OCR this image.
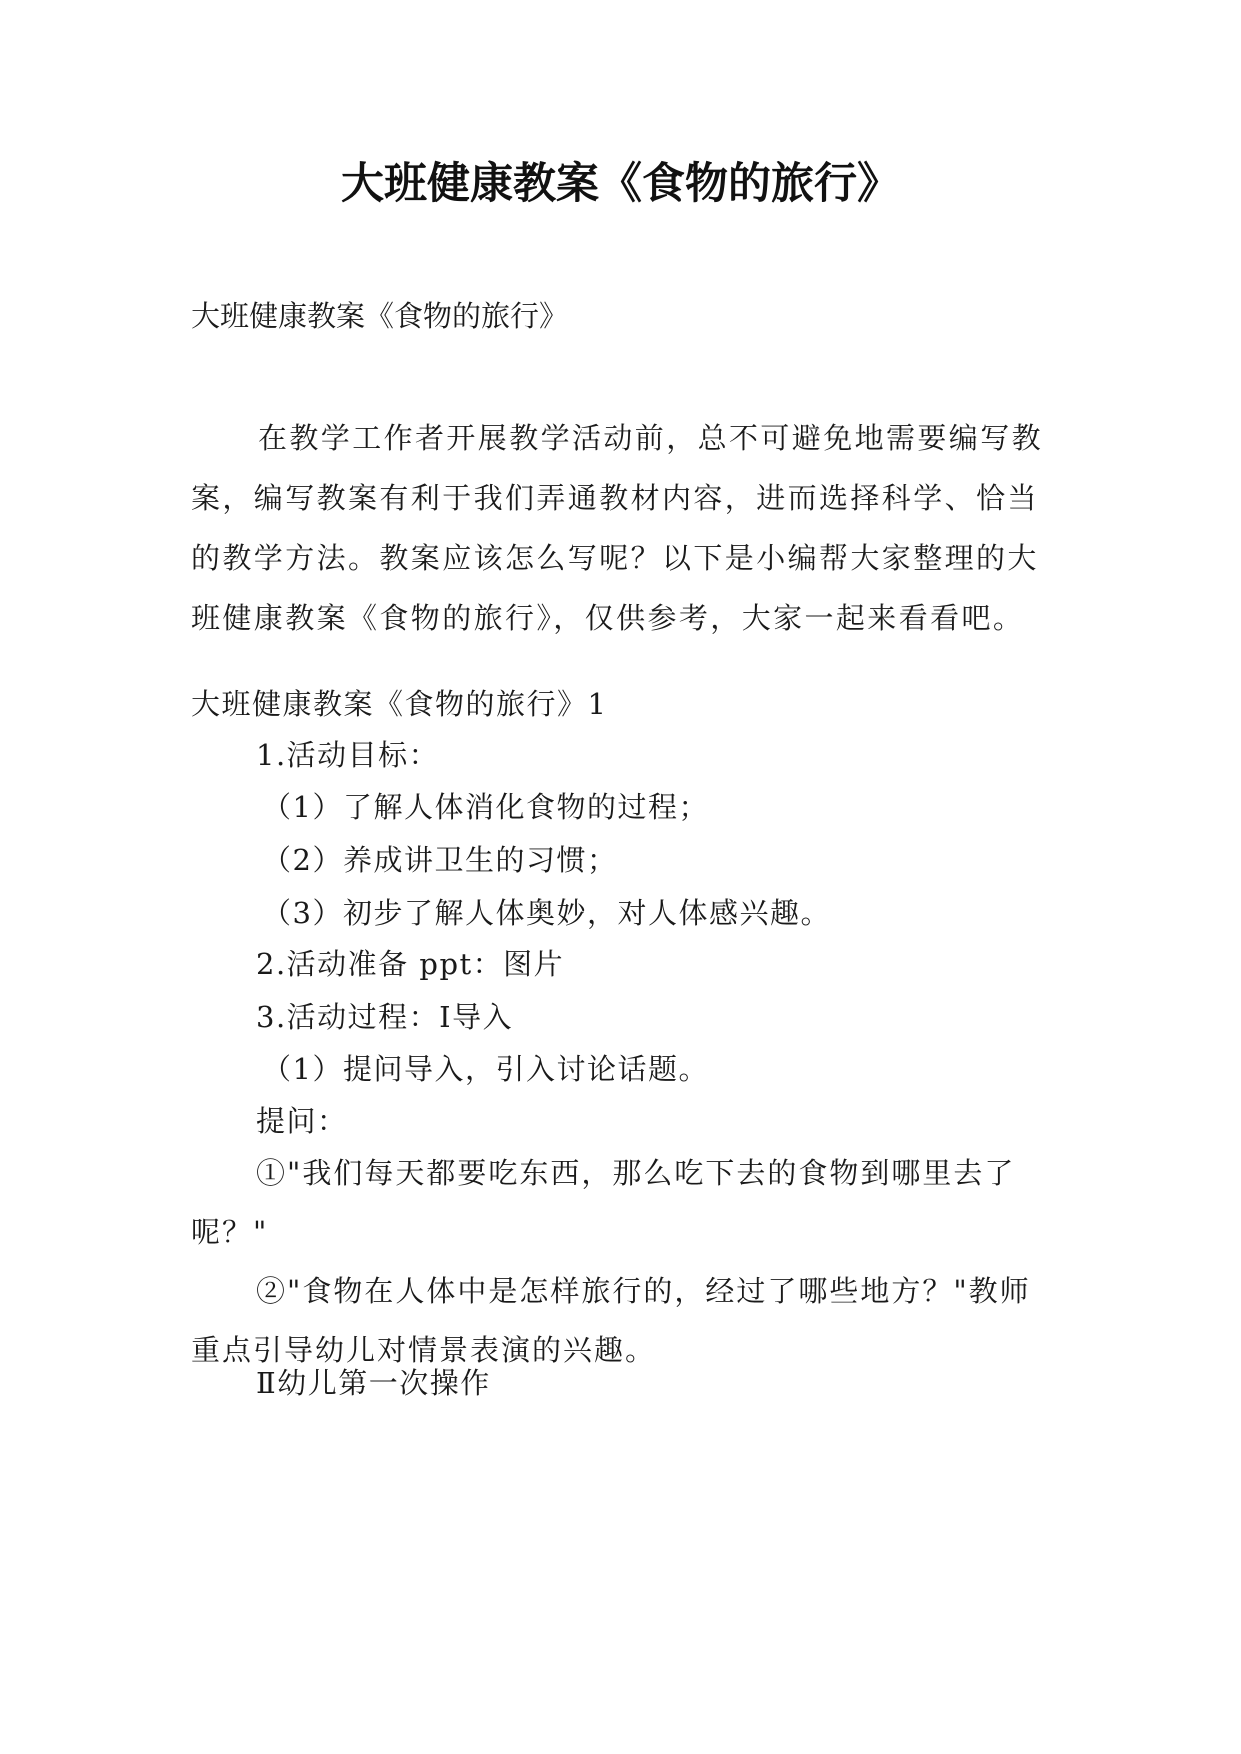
大班健康教案《食物的旅行》
大班健康教案《食物的旅行》

在教学工作者开展教学活动前，总不可避免地需要编写教案，编写教案有利于我们弄通教材内容，进而选择科学、恰当的教学方法。教案应该怎么写呢？以下是小编帮大家整理的大班健康教案《食物的旅行》，仅供参考，大家一起来看看吧。

大班健康教案《食物的旅行》1
1.活动目标：
（1）了解人体消化食物的过程；
（2）养成讲卫生的习惯；
（3）初步了解人体奥妙，对人体感兴趣。
2.活动准备 ppt：图片
3.活动过程：Ⅰ导入
（1）提问导入，引入讨论话题。
提问：

①"我们每天都要吃东西，那么吃下去的食物到哪里去了呢？"

②"食物在人体中是怎样旅行的，经过了哪些地方？"教师重点引导幼儿对情景表演的兴趣。

Ⅱ幼儿第一次操作
